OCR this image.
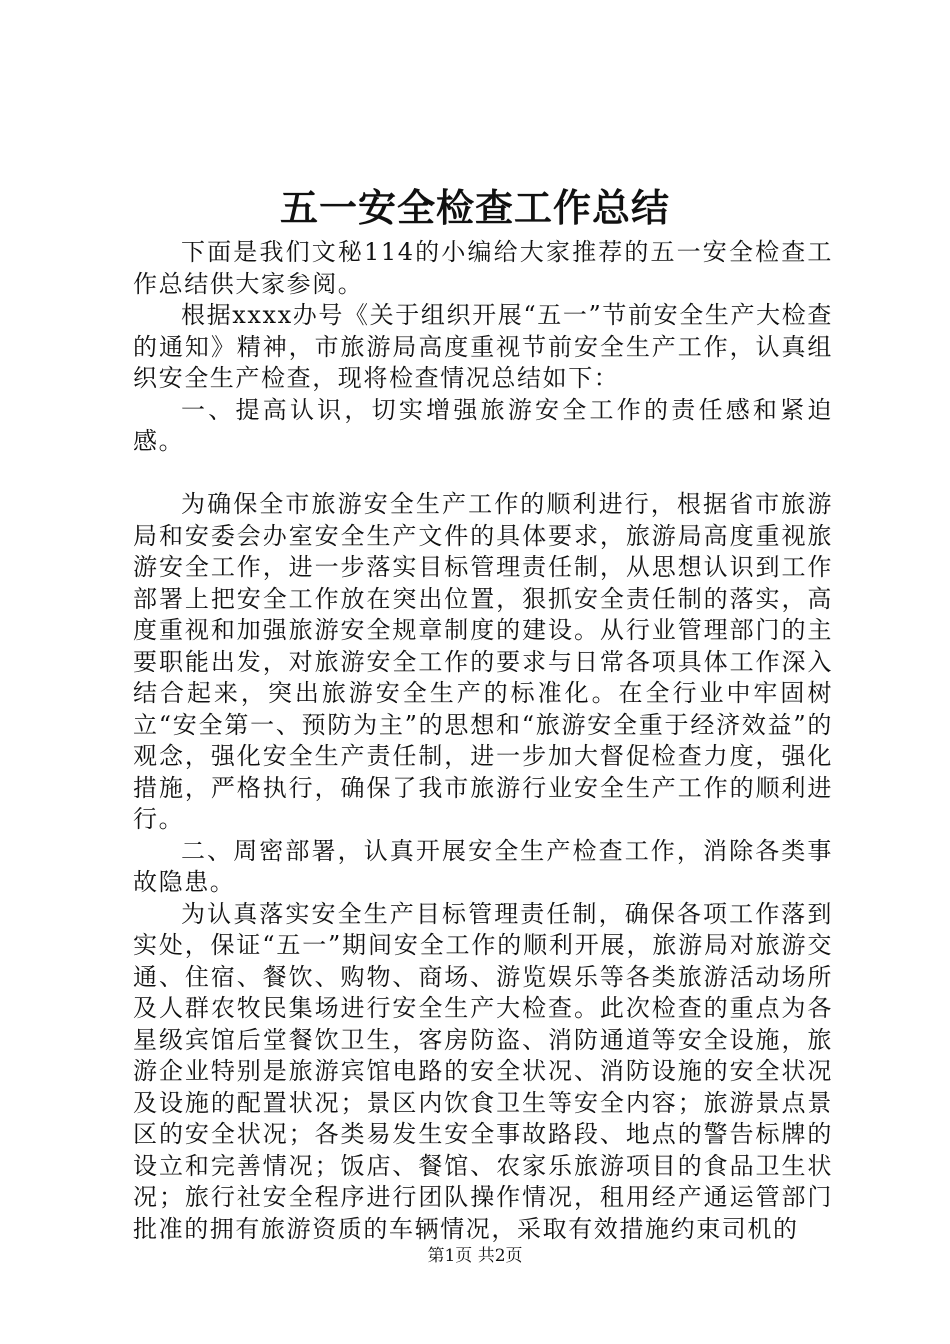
五一安全检查工作总结

下面是我们文秘114的小编给大家推荐的五一安全检查工作总结供大家参阅。

根据xxxx办号《关于组织开展“五一”节前安全生产大检查的通知》精神，市旅游局高度重视节前安全生产工作，认真组织安全生产检查，现将检查情况总结如下：

一、提高认识，切实增强旅游安全工作的责任感和紧迫感。

为确保全市旅游安全生产工作的顺利进行，根据省市旅游局和安委会办室安全生产文件的具体要求，旅游局高度重视旅游安全工作，进一步落实目标管理责任制，从思想认识到工作部署上把安全工作放在突出位置，狠抓安全责任制的落实，高度重视和加强旅游安全规章制度的建设。从行业管理部门的主要职能出发，对旅游安全工作的要求与日常各项具体工作深入结合起来，突出旅游安全生产的标准化。在全行业中牢固树立“安全第一、预防为主”的思想和“旅游安全重于经济效益”的观念，强化安全生产责任制，进一步加大督促检查力度，强化措施，严格执行，确保了我市旅游行业安全生产工作的顺利进行。

二、周密部署，认真开展安全生产检查工作，消除各类事故隐患。

为认真落实安全生产目标管理责任制，确保各项工作落到实处，保证“五一”期间安全工作的顺利开展，旅游局对旅游交通、住宿、餐饮、购物、商场、游览娱乐等各类旅游活动场所及人群农牧民集场进行安全生产大检查。此次检查的重点为各星级宾馆后堂餐饮卫生，客房防盗、消防通道等安全设施，旅游企业特别是旅游宾馆电路的安全状况、消防设施的安全状况及设施的配置状况；景区内饮食卫生等安全内容；旅游景点景区的安全状况；各类易发生安全事故路段、地点的警告标牌的设立和完善情况；饭店、餐馆、农家乐旅游项目的食品卫生状况；旅行社安全程序进行团队操作情况，租用经产通运管部门批准的拥有旅游资质的车辆情况，采取有效措施约束司机的

第1页 共2页
